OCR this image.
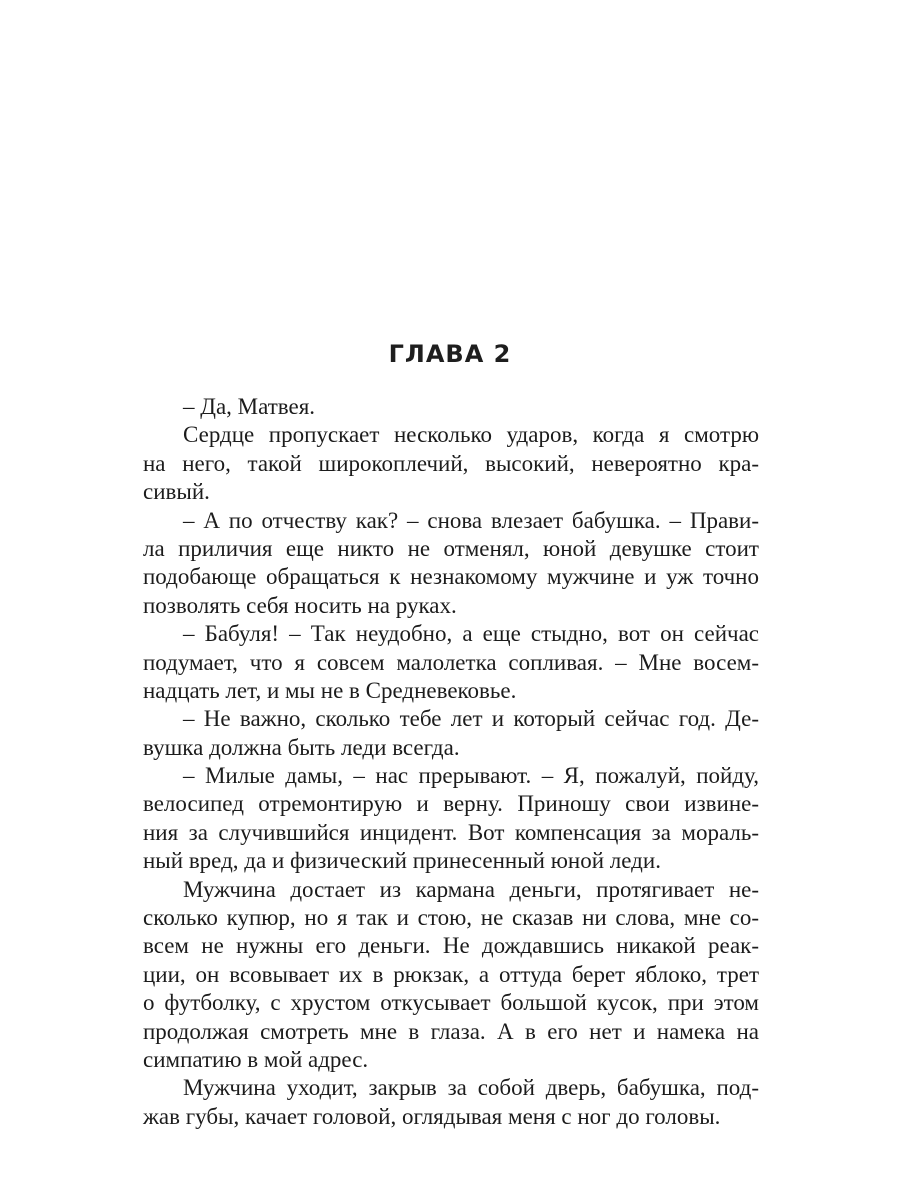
ГЛАВА 2
– Да, Матвея.
Сердце пропускает несколько ударов, когда я смотрю
на него, такой широкоплечий, высокий, невероятно кра-
сивый.
– А по отчеству как? – снова влезает бабушка. – Прави-
ла приличия еще никто не отменял, юной девушке стоит
подобающе обращаться к незнакомому мужчине и уж точно
позволять себя носить на руках.
– Бабуля! – Так неудобно, а еще стыдно, вот он сейчас
подумает, что я совсем малолетка сопливая. – Мне восем-
надцать лет, и мы не в Средневековье.
– Не важно, сколько тебе лет и который сейчас год. Де-
вушка должна быть леди всегда.
– Милые дамы, – нас прерывают. – Я, пожалуй, пойду,
велосипед отремонтирую и верну. Приношу свои извине-
ния за случившийся инцидент. Вот компенсация за мораль-
ный вред, да и физический принесенный юной леди.
Мужчина достает из кармана деньги, протягивает не-
сколько купюр, но я так и стою, не сказав ни слова, мне со-
всем не нужны его деньги. Не дождавшись никакой реак-
ции, он всовывает их в рюкзак, а оттуда берет яблоко, трет
о футболку, с хрустом откусывает большой кусок, при этом
продолжая смотреть мне в глаза. А в его нет и намека на
симпатию в мой адрес.
Мужчина уходит, закрыв за собой дверь, бабушка, под-
жав губы, качает головой, оглядывая меня с ног до головы.
